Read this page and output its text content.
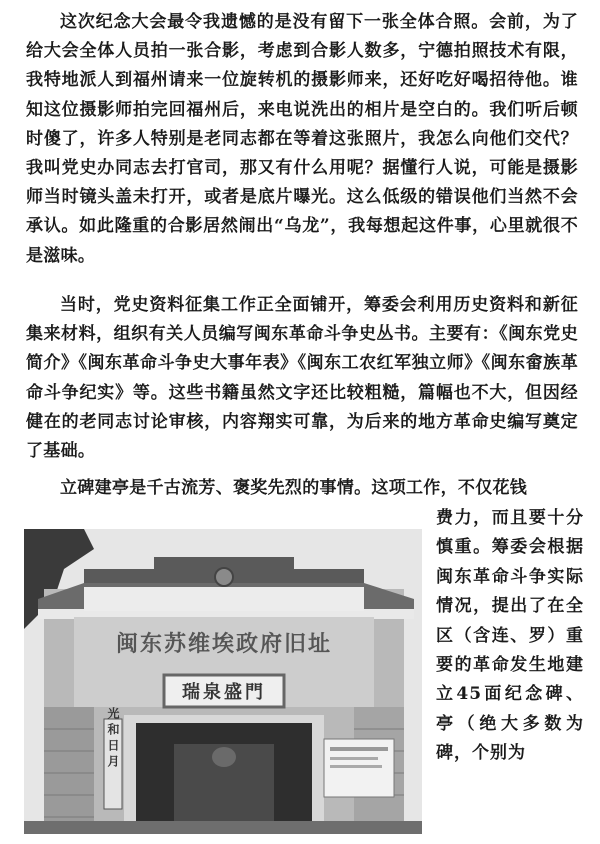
这次纪念大会最令我遗憾的是没有留下一张全体合照。会前，为了给大会全体人员拍一张合影，考虑到合影人数多，宁德拍照技术有限，我特地派人到福州请来一位旋转机的摄影师来，还好吃好喝招待他。谁知这位摄影师拍完回福州后，来电说洗出的相片是空白的。我们听后顿时傻了，许多人特别是老同志都在等着这张照片，我怎么向他们交代？我叫党史办同志去打官司，那又有什么用呢？据懂行人说，可能是摄影师当时镜头盖未打开，或者是底片曝光。这么低级的错误他们当然不会承认。如此隆重的合影居然闹出“乌龙”，我每想起这件事，心里就很不是滋味。

当时，党史资料征集工作正全面铺开，筹委会利用历史资料和新征集来材料，组织有关人员编写闽东革命斗争史丛书。主要有：《闽东党史简介》《闽东革命斗争史大事年表》《闽东工农红军独立师》《闽东畲族革命斗争纪实》等。这些书籍虽然文字还比较粗糙，篇幅也不大，但因经健在的老同志讨论审核，内容翔实可靠，为后来的地方革命史编写奠定了基础。

立碑建亭是千古流芳、褒奖先烈的事情。这项工作，不仅花钱

闽东苏维埃政府旧址
瑞泉盛門
光和日月

费力，而且要十分慎重。筹委会根据闽东革命斗争实际情况，提出了在全区（含连、罗）重要的革命发生地建立45面纪念碑、亭（绝大多数为碑，个别为
